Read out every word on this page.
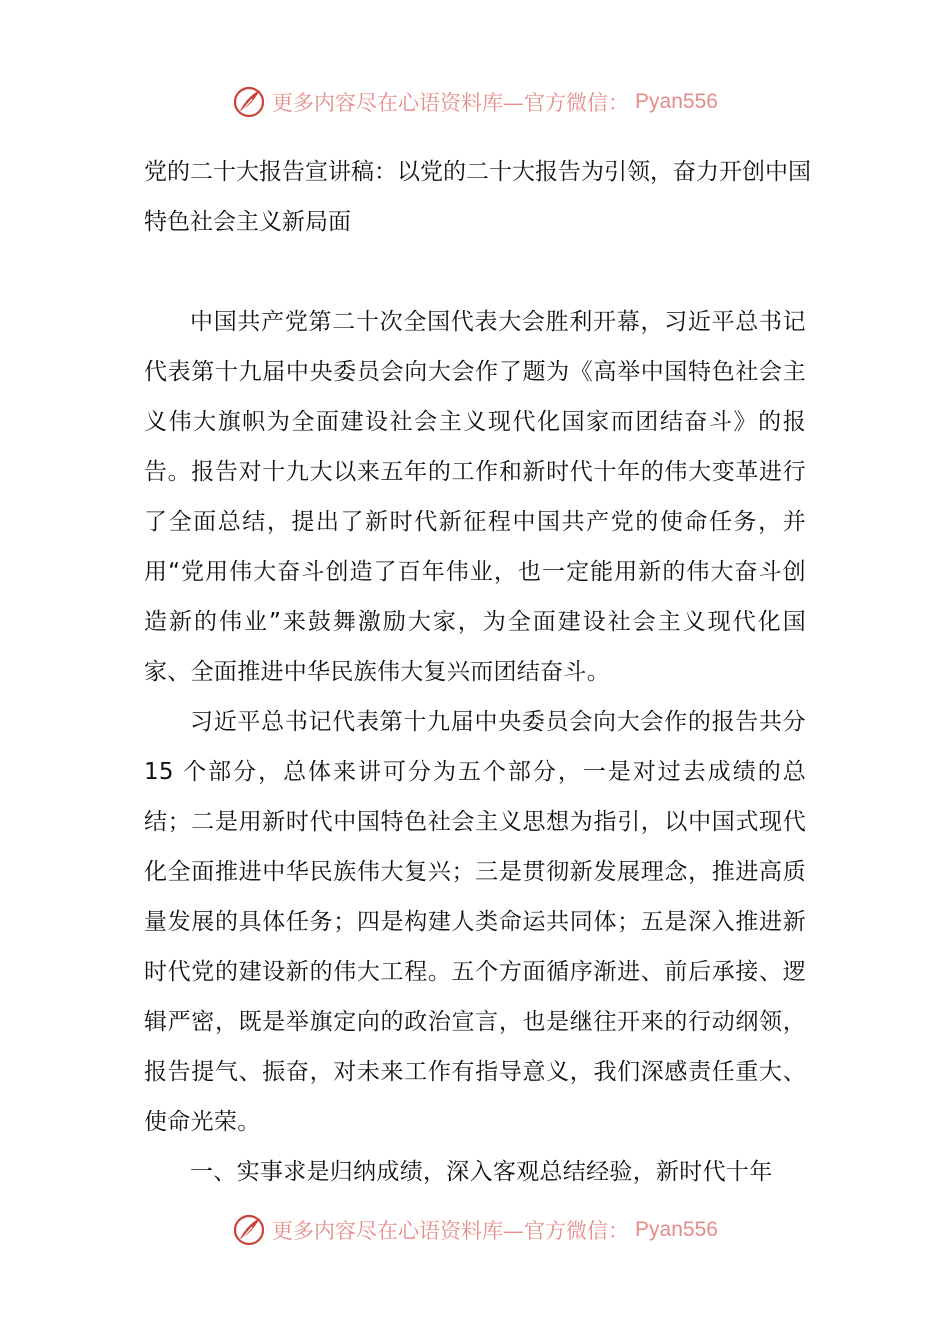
更多内容尽在心语资料库—官方微信： Pyan556
党的二十大报告宣讲稿：以党的二十大报告为引领，奋力开创中国特色社会主义新局面

中国共产党第二十次全国代表大会胜利开幕，习近平总书记代表第十九届中央委员会向大会作了题为《高举中国特色社会主义伟大旗帜为全面建设社会主义现代化国家而团结奋斗》的报告。报告对十九大以来五年的工作和新时代十年的伟大变革进行了全面总结，提出了新时代新征程中国共产党的使命任务，并用“党用伟大奋斗创造了百年伟业，也一定能用新的伟大奋斗创造新的伟业”来鼓舞激励大家，为全面建设社会主义现代化国家、全面推进中华民族伟大复兴而团结奋斗。

习近平总书记代表第十九届中央委员会向大会作的报告共分 15 个部分，总体来讲可分为五个部分，一是对过去成绩的总结；二是用新时代中国特色社会主义思想为指引，以中国式现代化全面推进中华民族伟大复兴；三是贯彻新发展理念，推进高质量发展的具体任务；四是构建人类命运共同体；五是深入推进新时代党的建设新的伟大工程。五个方面循序渐进、前后承接、逻辑严密，既是举旗定向的政治宣言，也是继往开来的行动纲领，报告提气、振奋，对未来工作有指导意义，我们深感责任重大、使命光荣。

一、实事求是归纳成绩，深入客观总结经验，新时代十年

更多内容尽在心语资料库—官方微信： Pyan556
